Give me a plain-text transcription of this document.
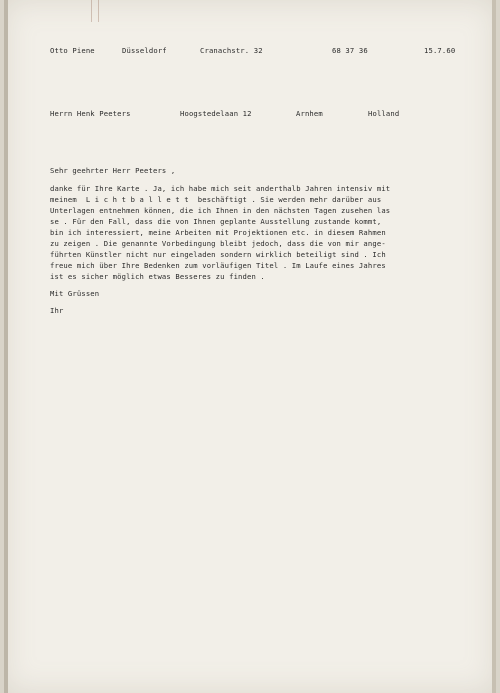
Otto Piene

	Düsseldorf

	Cranachstr. 32

	68 37 36

	15.7.60

Herrn Henk Peeters

	Hoogstedelaan 12

	Arnhem

	Holland

Sehr geehrter Herr Peeters ,

danke für Ihre Karte . Ja, ich habe mich seit anderthalb Jahren intensiv mit

meinem  L i c h t b a l l e t t  beschäftigt . Sie werden mehr darüber aus

Unterlagen entnehmen können, die ich Ihnen in den nächsten Tagen zusehen las

se . Für den Fall, dass die von Ihnen geplante Ausstellung zustande kommt,

bin ich interessiert, meine Arbeiten mit Projektionen etc. in diesem Rahmen

zu zeigen . Die genannte Vorbedingung bleibt jedoch, dass die von mir ange-

führten Künstler nicht nur eingeladen sondern wirklich beteiligt sind . Ich

freue mich über Ihre Bedenken zum vorläufigen Titel . Im Laufe eines Jahres

ist es sicher möglich etwas Besseres zu finden .

Mit Grüssen
Ihr
